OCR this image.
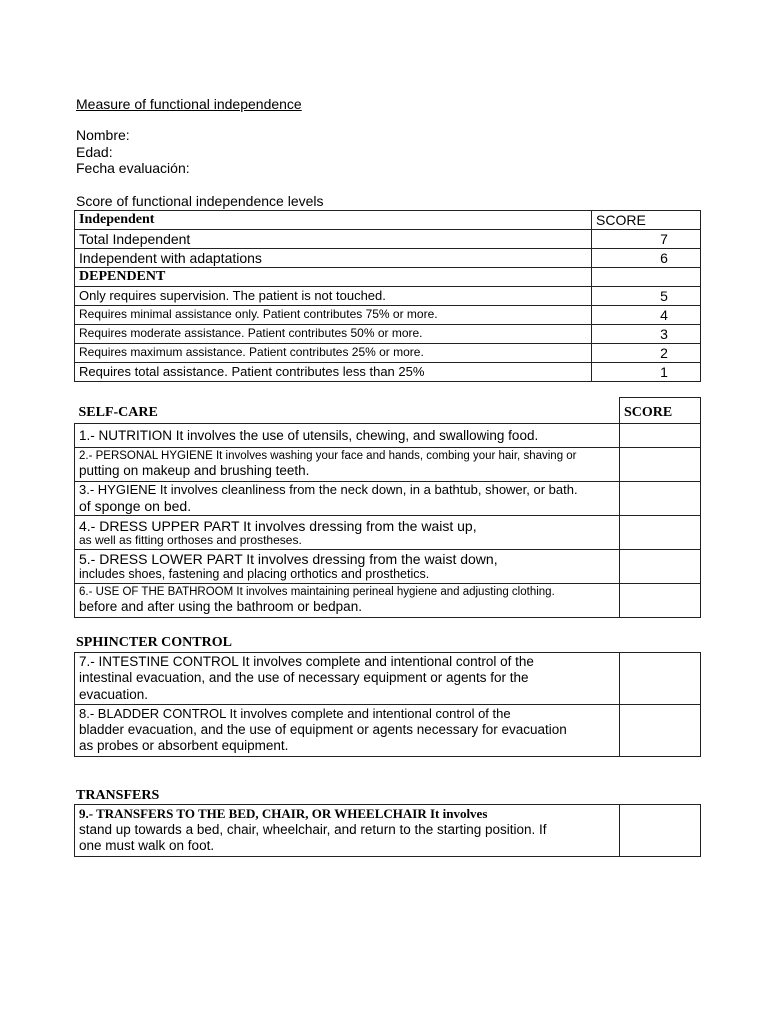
Measure of functional independence
Nombre:
Edad:
Fecha evaluación:
Score of functional independence levels
Independent	SCORE
Total Independent	7
Independent with adaptations	6
DEPENDENT	
Only requires supervision. The patient is not touched.	5
Requires minimal assistance only. Patient contributes 75% or more.	4
Requires moderate assistance. Patient contributes 50% or more.	3
Requires maximum assistance. Patient contributes 25% or more.	2
Requires total assistance. Patient contributes less than 25%	1
SELF-CARE	SCORE
1.- NUTRITION It involves the use of utensils, chewing, and swallowing food.	

2.- PERSONAL HYGIENE It involves washing your face and hands, combing your hair, shaving or
putting on makeup and brushing teeth.	

3.- HYGIENE It involves cleanliness from the neck down, in a bathtub, shower, or bath.
of sponge on bed.	

4.- DRESS UPPER PART It involves dressing from the waist up,
as well as fitting orthoses and prostheses.	

5.- DRESS LOWER PART It involves dressing from the waist down,
includes shoes, fastening and placing orthotics and prosthetics.	

6.- USE OF THE BATHROOM It involves maintaining perineal hygiene and adjusting clothing.
before and after using the bathroom or bedpan.	

SPHINCTER CONTROL
7.- INTESTINE CONTROL It involves complete and intentional control of the
intestinal evacuation, and the use of necessary equipment or agents for the
evacuation.	

8.- BLADDER CONTROL It involves complete and intentional control of the
bladder evacuation, and the use of equipment or agents necessary for evacuation
as probes or absorbent equipment.	

TRANSFERS
9.- TRANSFERS TO THE BED, CHAIR, OR WHEELCHAIR It involves
stand up towards a bed, chair, wheelchair, and return to the starting position. If
one must walk on foot.
